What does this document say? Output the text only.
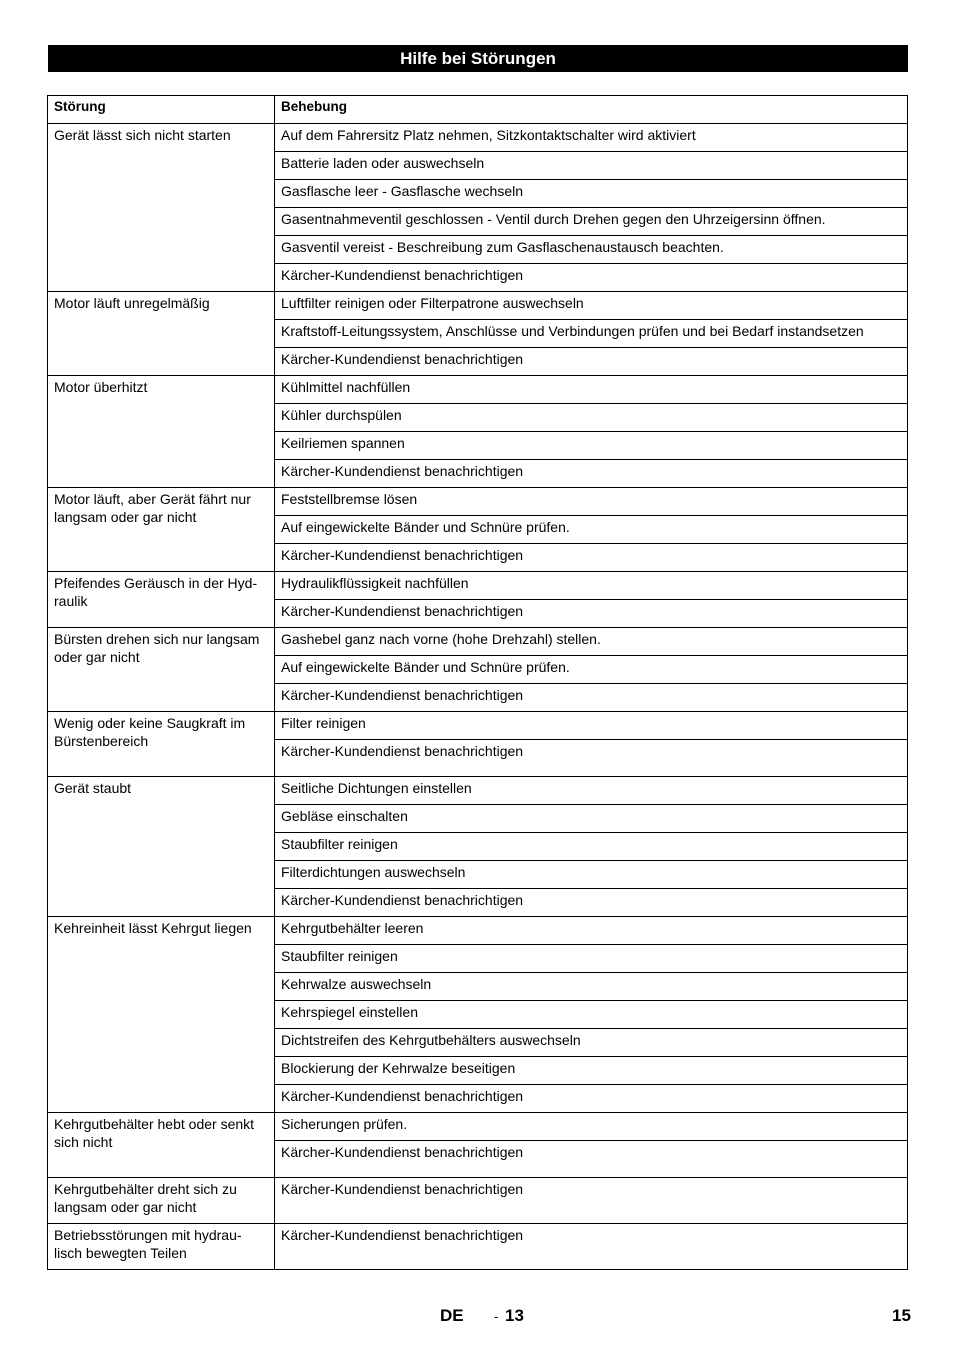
Hilfe bei Störungen
Störung	Behebung
Gerät lässt sich nicht starten	Auf dem Fahrersitz Platz nehmen, Sitzkontaktschalter wird aktiviert
	Batterie laden oder auswechseln
	Gasflasche leer - Gasflasche wechseln
	Gasentnahmeventil geschlossen - Ventil durch Drehen gegen den Uhrzeigersinn öffnen.
	Gasventil vereist - Beschreibung zum Gasflaschenaustausch beachten.
	Kärcher-Kundendienst benachrichtigen
Motor läuft unregelmäßig	Luftfilter reinigen oder Filterpatrone auswechseln
	Kraftstoff-Leitungssystem, Anschlüsse und Verbindungen prüfen und bei Bedarf instandsetzen
	Kärcher-Kundendienst benachrichtigen
Motor überhitzt	Kühlmittel nachfüllen
	Kühler durchspülen
	Keilriemen spannen
	Kärcher-Kundendienst benachrichtigen
Motor läuft, aber Gerät fährt nur langsam oder gar nicht	Feststellbremse lösen
	Auf eingewickelte Bänder und Schnüre prüfen.
	Kärcher-Kundendienst benachrichtigen
Pfeifendes Geräusch in der Hyd-raulik	Hydraulikflüssigkeit nachfüllen
	Kärcher-Kundendienst benachrichtigen
Bürsten drehen sich nur langsam oder gar nicht	Gashebel ganz nach vorne (hohe Drehzahl) stellen.
	Auf eingewickelte Bänder und Schnüre prüfen.
	Kärcher-Kundendienst benachrichtigen
Wenig oder keine Saugkraft im Bürstenbereich	Filter reinigen
	Kärcher-Kundendienst benachrichtigen
Gerät staubt	Seitliche Dichtungen einstellen
	Gebläse einschalten
	Staubfilter reinigen
	Filterdichtungen auswechseln
	Kärcher-Kundendienst benachrichtigen
Kehreinheit lässt Kehrgut liegen	Kehrgutbehälter leeren
	Staubfilter reinigen
	Kehrwalze auswechseln
	Kehrspiegel einstellen
	Dichtstreifen des Kehrgutbehälters auswechseln
	Blockierung der Kehrwalze beseitigen
	Kärcher-Kundendienst benachrichtigen
Kehrgutbehälter hebt oder senkt sich nicht	Sicherungen prüfen.
	Kärcher-Kundendienst benachrichtigen
Kehrgutbehälter dreht sich zu langsam oder gar nicht	Kärcher-Kundendienst benachrichtigen
Betriebsstörungen mit hydrau-lisch bewegten Teilen	Kärcher-Kundendienst benachrichtigen
DE - 13	15
